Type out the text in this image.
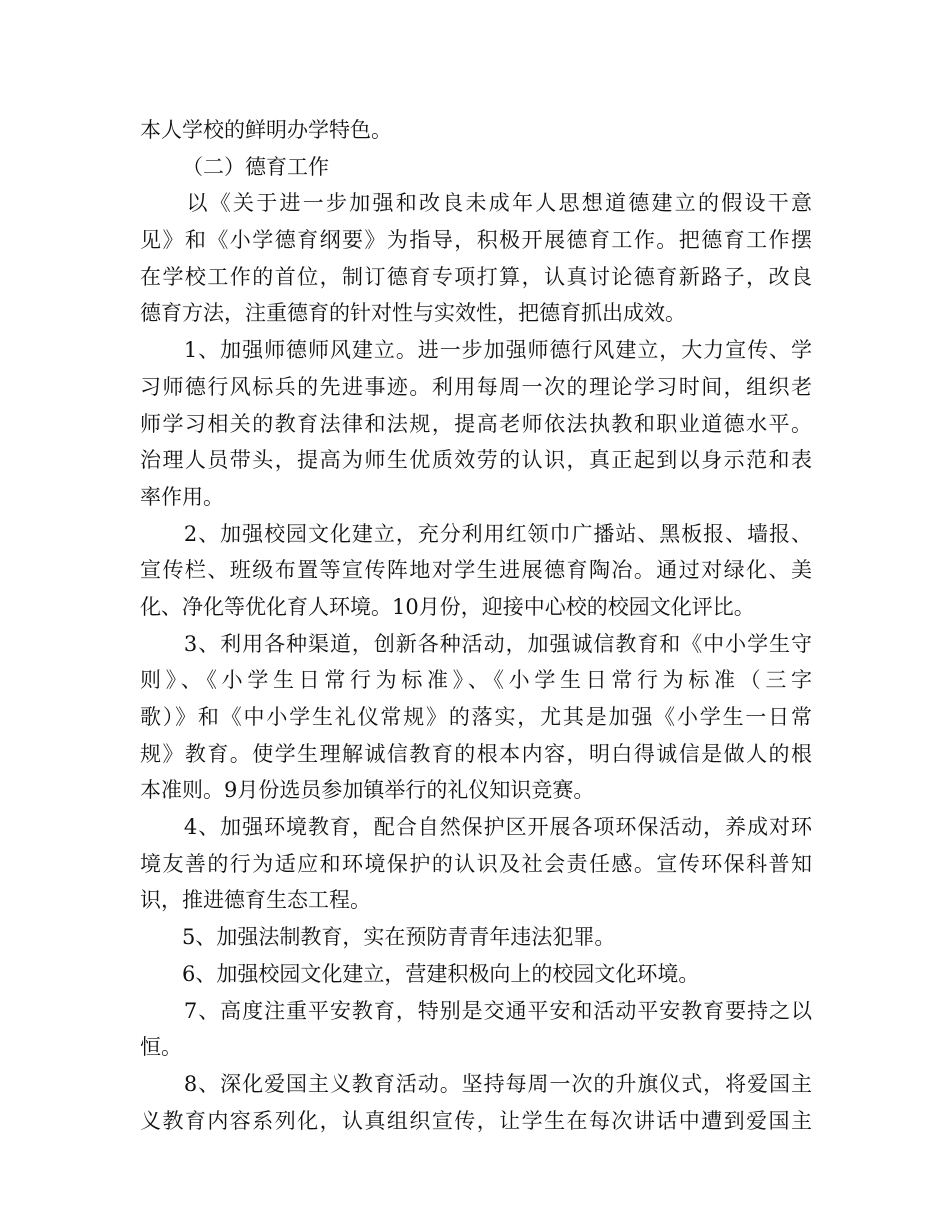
本人学校的鲜明办学特色。
（二）德育工作
　　以《关于进一步加强和改良未成年人思想道德建立的假设干意
见》和《小学德育纲要》为指导，积极开展德育工作。把德育工作摆
在学校工作的首位，制订德育专项打算，认真讨论德育新路子，改良
德育方法，注重德育的针对性与实效性，把德育抓出成效。
　　1、加强师德师风建立。进一步加强师德行风建立，大力宣传、学
习师德行风标兵的先进事迹。利用每周一次的理论学习时间，组织老
师学习相关的教育法律和法规，提高老师依法执教和职业道德水平。
治理人员带头，提高为师生优质效劳的认识，真正起到以身示范和表
率作用。
　　2、加强校园文化建立，充分利用红领巾广播站、黑板报、墙报、
宣传栏、班级布置等宣传阵地对学生进展德育陶冶。通过对绿化、美
化、净化等优化育人环境。10月份，迎接中心校的校园文化评比。
　　3、利用各种渠道，创新各种活动，加强诚信教育和《中小学生守
则》、《小学生日常行为标准》、《小学生日常行为标准（三字
歌）》和《中小学生礼仪常规》的落实，尤其是加强《小学生一日常
规》教育。使学生理解诚信教育的根本内容，明白得诚信是做人的根
本准则。9月份选员参加镇举行的礼仪知识竞赛。
　　4、加强环境教育，配合自然保护区开展各项环保活动，养成对环
境友善的行为适应和环境保护的认识及社会责任感。宣传环保科普知
识，推进德育生态工程。
　　5、加强法制教育，实在预防青青年违法犯罪。
　　6、加强校园文化建立，营建积极向上的校园文化环境。
　　7、高度注重平安教育，特别是交通平安和活动平安教育要持之以
恒。
　　8、深化爱国主义教育活动。坚持每周一次的升旗仪式，将爱国主
义教育内容系列化，认真组织宣传，让学生在每次讲话中遭到爱国主
